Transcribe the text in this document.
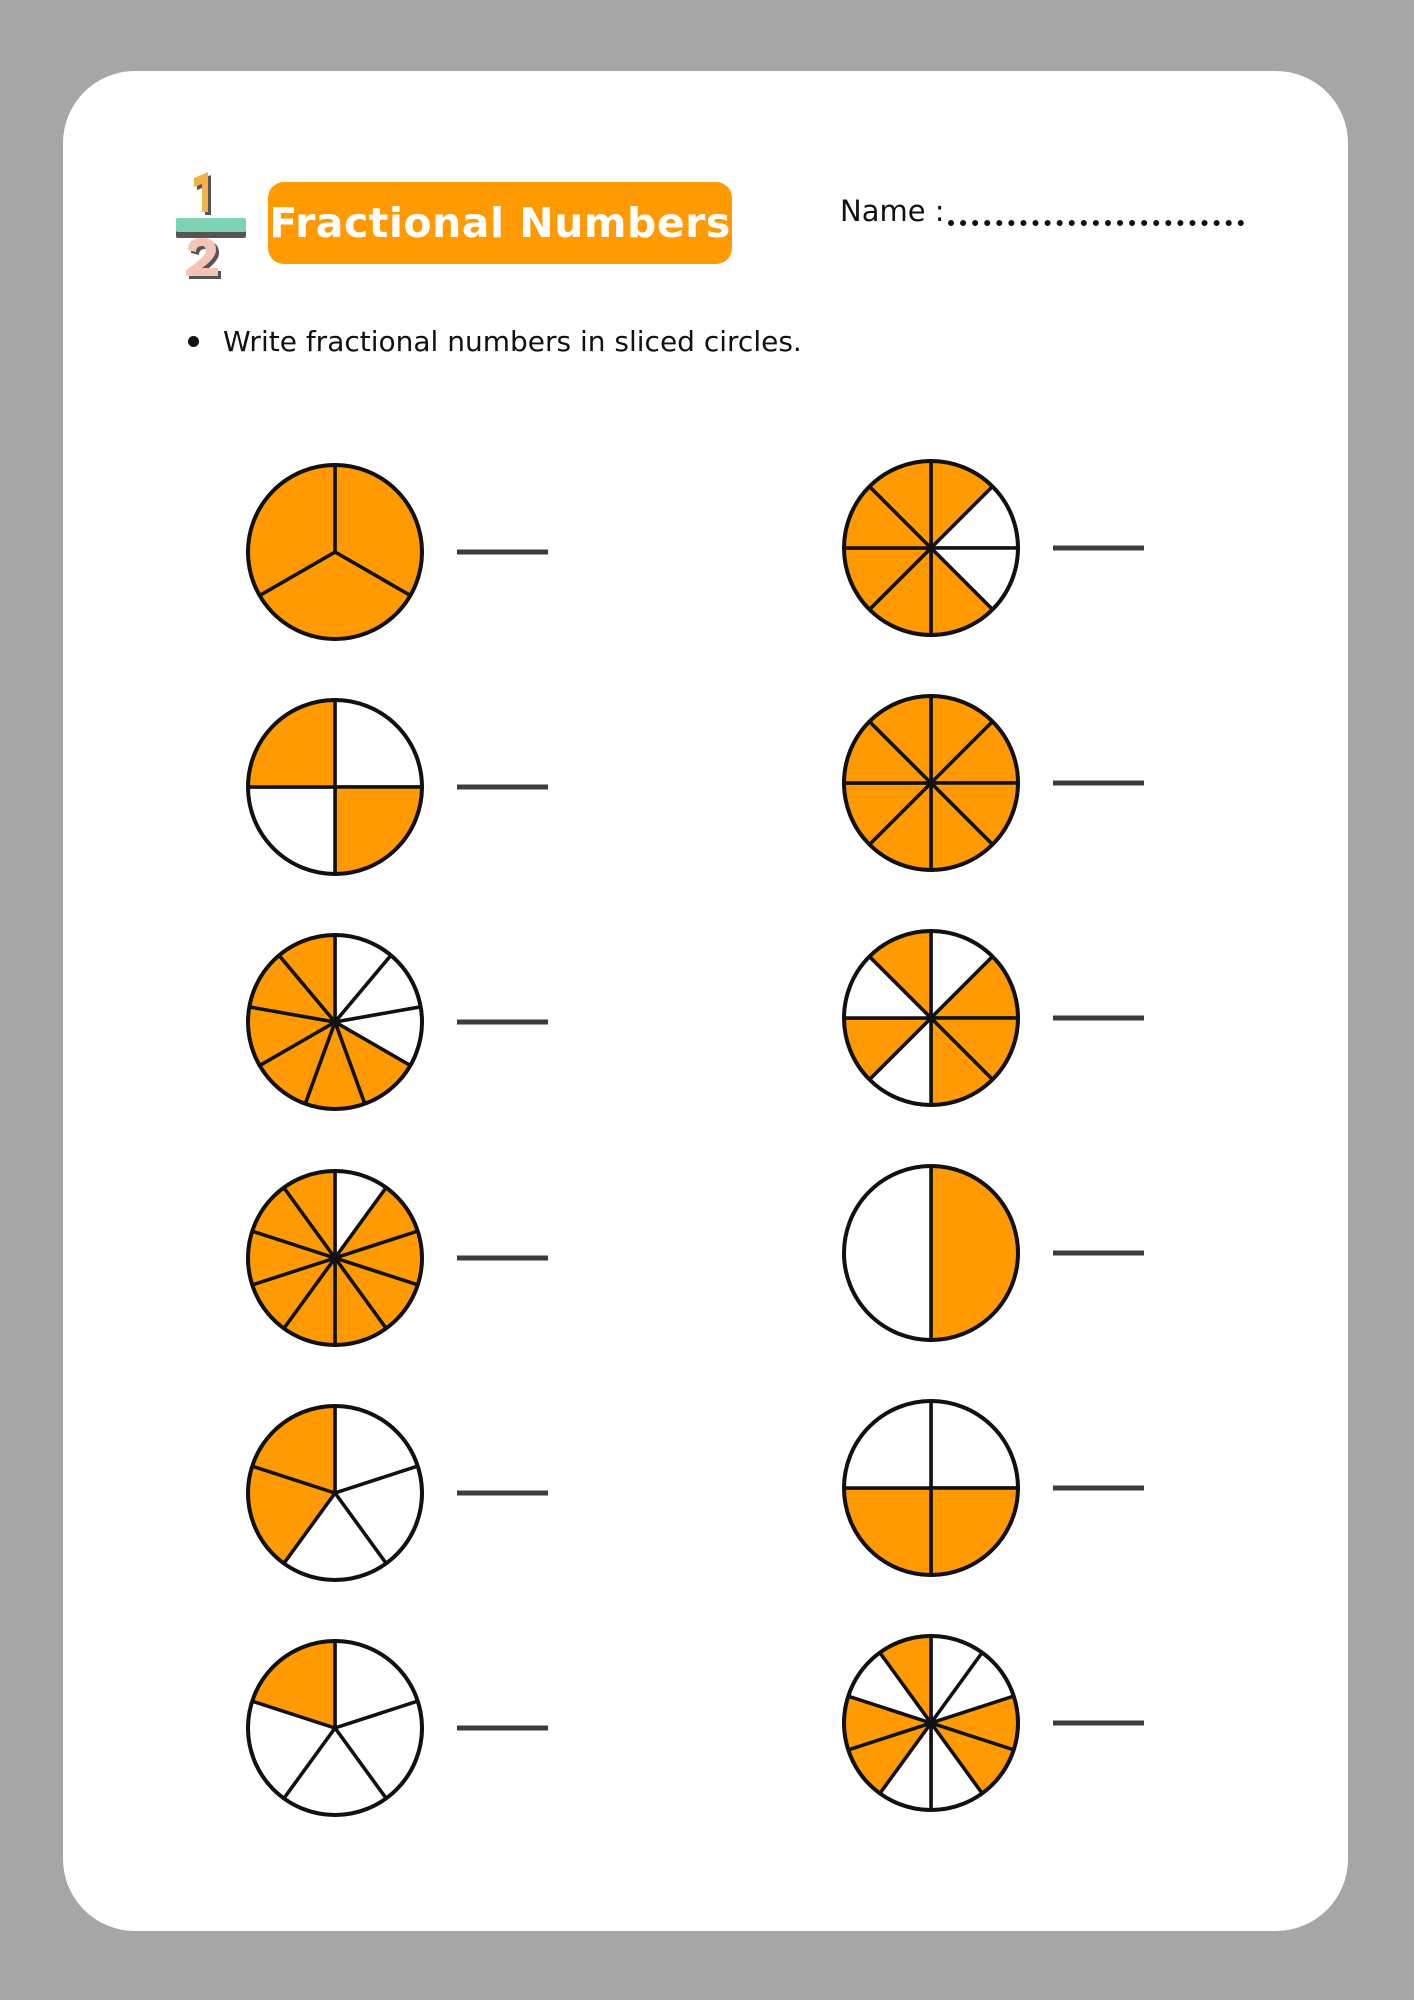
Fractional Numbers	Name :
Write fractional numbers in sliced circles.
